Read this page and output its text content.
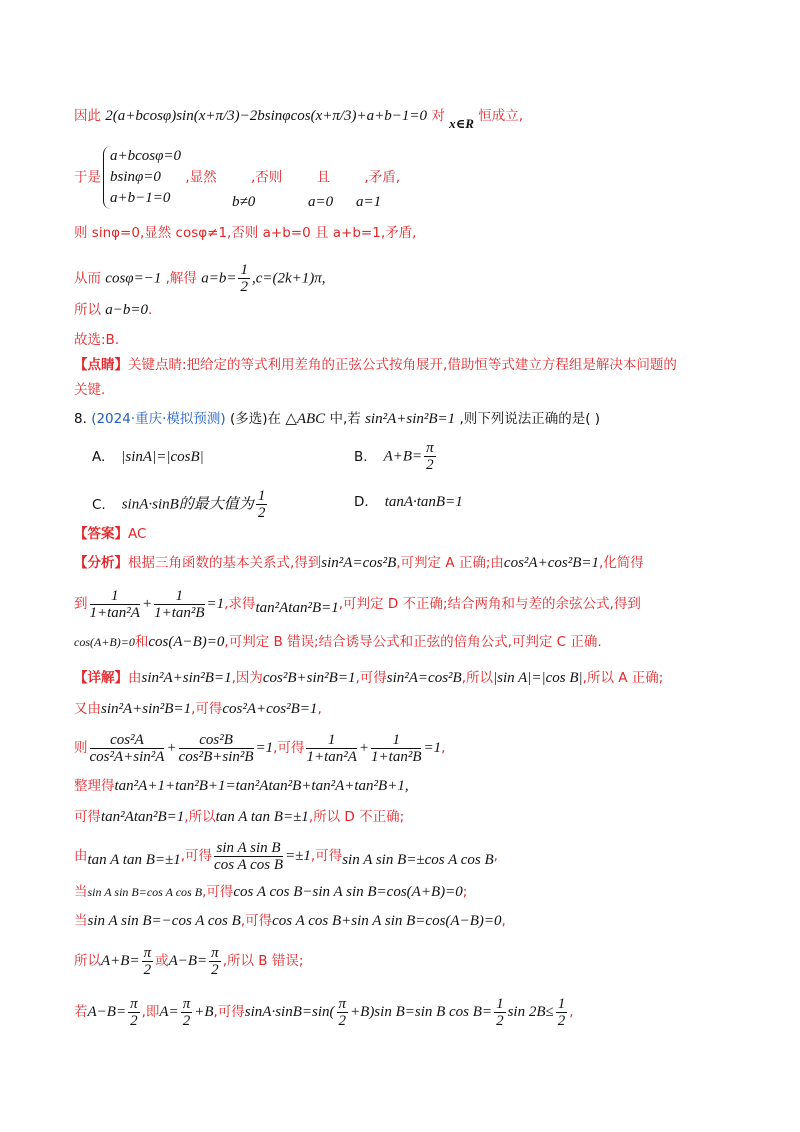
因此 2(a+bcosφ)sin(x+π/3)−2bsinφcos(x+π/3)+a+b−1=0 对 x∈R 恒成立,
于是
a+bcosφ=0
bsinφ=0
a+b−1=0
,显然        ,否则        且        ,矛盾,
b≠0	a=0 a=1
则 sinφ=0,显然 cosφ≠1,否则 a+b=0 且 a+b=1,矛盾,
从而 cosφ=−1 ,解得 $a=b= \frac{1}{2} ,c=(2k+1)\pi$,
所以 a−b=0.
故选:B.
【点睛】关键点睛:把给定的等式利用差角的正弦公式按角展开,借助恒等式建立方程组是解决本问题的
关键.
8. (2024·重庆·模拟预测) (多选)在 △ABC 中,若 sin²A+sin²B=1 ,则下列说法正确的是( )
A. |sinA|=|cosB|	B. $A+B= \frac{\pi}{2}$
C. sinA·sinB的最大值为 $\frac{1}{2}$	D. tanA·tanB=1
【答案】AC
【分析】根据三角函数的基本关系式,得到sin²A=cos²B,可判定 A 正确;由cos²A+cos²B=1,化简得
到 $\frac{1}{\text{1+tan²A}} + \frac{1}{\text{1+tan²B}} =1$,求得tan²Atan²B=1,可判定 D 不正确;结合两角和与差的余弦公式,得到
cos(A+B)=0和cos(A−B)=0,可判定 B 错误;结合诱导公式和正弦的倍角公式,可判定 C 正确.
【详解】由sin²A+sin²B=1,因为cos²B+sin²B=1,可得sin²A=cos²B,所以|sin A|=|cos B|,所以 A 正确;
又由sin²A+sin²B=1,可得cos²A+cos²B=1,
则 $\frac{\text{cos²A}}{\text{cos²A+sin²A}} + \frac{\text{cos²B}}{\text{cos²B+sin²B}} =1$,可得 $\frac{1}{\text{1+tan²A}} + \frac{1}{\text{1+tan²B}} =1$,
整理得tan²A+1+tan²B+1=tan²Atan²B+tan²A+tan²B+1,
可得tan²Atan²B=1,所以tan A tan B=±1,所以 D 不正确;
由tan A tan B=±1,可得 $\frac{\text{sin A sin B}}{\text{cos A cos B}} =\pm 1$,可得sin A sin B=±cos A cos B,
当sin A sin B=cos A cos B,可得cos A cos B−sin A sin B=cos(A+B)=0;
当sin A sin B=−cos A cos B,可得cos A cos B+sin A sin B=cos(A−B)=0,
所以$A+B= \frac{\pi}{2}$ 或$A-B= \frac{\pi}{2}$ ,所以 B 错误;
若$A-B= \frac{\pi}{2}$ ,即$A= \frac{\pi}{2} +B$,可得$\sin A\cdot\sin B=\sin( \frac{\pi}{2} +B)\sin$ B=sin B $\cos B= \frac{1}{2}$ $\sin 2B\le \frac{1}{2}$ ,
